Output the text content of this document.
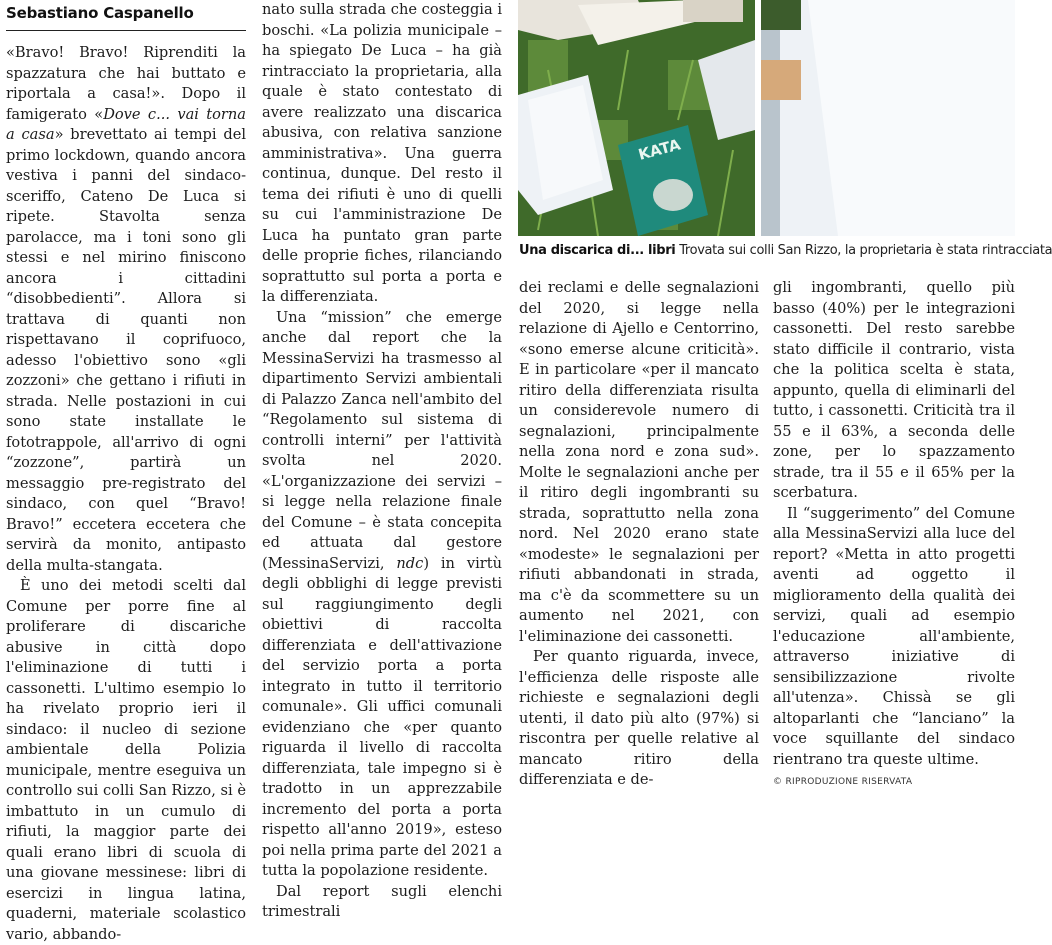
Sebastiano Caspanello

«Bravo! Bravo! Riprenditi la spazzatura che hai buttato e riportala a casa!». Dopo il famigerato «Dove c... vai torna a casa» brevettato ai tempi del primo lockdown, quando ancora vestiva i panni del sindaco-sceriffo, Cateno De Luca si ripete. Stavolta senza parolacce, ma i toni sono gli stessi e nel mirino finiscono ancora i cittadini “disobbedienti”. Allora si trattava di quanti non rispettavano il coprifuoco, adesso l'obiettivo sono «gli zozzoni» che gettano i rifiuti in strada. Nelle postazioni in cui sono state installate le fototrappole, all'arrivo di ogni “zozzone”, partirà un messaggio pre-registrato del sindaco, con quel “Bravo! Bravo!” eccetera eccetera che servirà da monito, antipasto della multa-stangata.

È uno dei metodi scelti dal Comune per porre fine al proliferare di discariche abusive in città dopo l'eliminazione di tutti i cassonetti. L'ultimo esempio lo ha rivelato proprio ieri il sindaco: il nucleo di sezione ambientale della Polizia municipale, mentre eseguiva un controllo sui colli San Rizzo, si è imbattuto in un cumulo di rifiuti, la maggior parte dei quali erano libri di scuola di una giovane messinese: libri di esercizi in lingua latina, quaderni, materiale scolastico vario, abbando-

nato sulla strada che costeggia i boschi. «La polizia municipale – ha spiegato De Luca – ha già rintracciato la proprietaria, alla quale è stato contestato di avere realizzato una discarica abusiva, con relativa sanzione amministrativa». Una guerra continua, dunque. Del resto il tema dei rifiuti è uno di quelli su cui l'amministrazione De Luca ha puntato gran parte delle proprie fiches, rilanciando soprattutto sul porta a porta e la differenziata.

Una “mission” che emerge anche dal report che la MessinaServizi ha trasmesso al dipartimento Servizi ambientali di Palazzo Zanca nell'ambito del “Regolamento sul sistema di controlli interni” per l'attività svolta nel 2020. «L'organizzazione dei servizi – si legge nella relazione finale del Comune – è stata concepita ed attuata dal gestore (MessinaServizi, ndc) in virtù degli obblighi di legge previsti sul raggiungimento degli obiettivi di raccolta differenziata e dell'attivazione del servizio porta a porta integrato in tutto il territorio comunale». Gli uffici comunali evidenziano che «per quanto riguarda il livello di raccolta differenziata, tale impegno si è tradotto in un apprezzabile incremento del porta a porta rispetto all'anno 2019», esteso poi nella prima parte del 2021 a tutta la popolazione residente.

Dal report sugli elenchi trimestrali

KATA
Una discarica di... libri Trovata sui colli San Rizzo, la proprietaria è stata rintracciata

dei reclami e delle segnalazioni del 2020, si legge nella relazione di Ajello e Centorrino, «sono emerse alcune criticità». E in particolare «per il mancato ritiro della differenziata risulta un considerevole numero di segnalazioni, principalmente nella zona nord e zona sud». Molte le segnalazioni anche per il ritiro degli ingombranti su strada, soprattutto nella zona nord. Nel 2020 erano state «modeste» le segnalazioni per rifiuti abbandonati in strada, ma c'è da scommettere su un aumento nel 2021, con l'eliminazione dei cassonetti.

Per quanto riguarda, invece, l'efficienza delle risposte alle richieste e segnalazioni degli utenti, il dato più alto (97%) si riscontra per quelle relative al mancato ritiro della differenziata e de-

gli ingombranti, quello più basso (40%) per le integrazioni cassonetti. Del resto sarebbe stato difficile il contrario, vista che la politica scelta è stata, appunto, quella di eliminarli del tutto, i cassonetti. Criticità tra il 55 e il 63%, a seconda delle zone, per lo spazzamento strade, tra il 55 e il 65% per la scerbatura.

Il “suggerimento” del Comune alla MessinaServizi alla luce del report? «Metta in atto progetti aventi ad oggetto il miglioramento della qualità dei servizi, quali ad esempio l'educazione all'ambiente, attraverso iniziative di sensibilizzazione rivolte all'utenza». Chissà se gli altoparlanti che “lanciano” la voce squillante del sindaco rientrano tra queste ultime.

© RIPRODUZIONE RISERVATA
